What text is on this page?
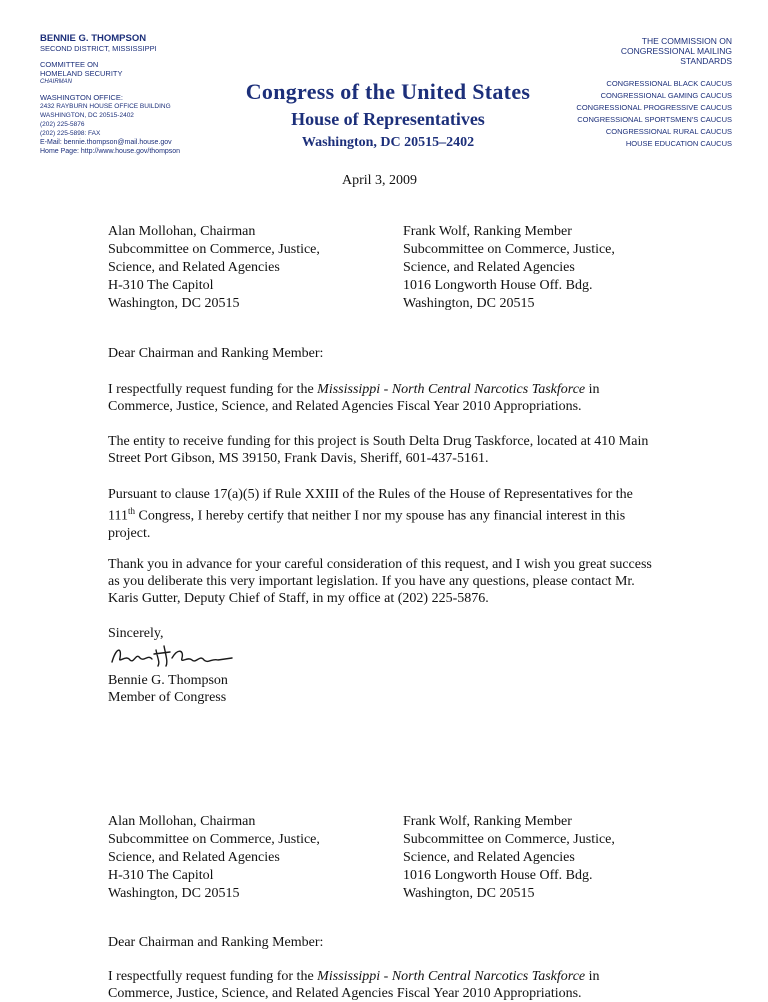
BENNIE G. THOMPSON
SECOND DISTRICT, MISSISSIPPI
COMMITTEE ON
HOMELAND SECURITY
CHAIRMAN
WASHINGTON OFFICE:
2432 RAYBURN HOUSE OFFICE BUILDING
WASHINGTON, DC 20515-2402
(202) 225-5876
(202) 225-5898: FAX
E-Mail: bennie.thompson@mail.house.gov
Home Page: http://www.house.gov/thompson
Congress of the United States
House of Representatives
Washington, DC 20515–2402
THE COMMISSION ON
CONGRESSIONAL MAILING
STANDARDS
CONGRESSIONAL BLACK CAUCUS
CONGRESSIONAL GAMING CAUCUS
CONGRESSIONAL PROGRESSIVE CAUCUS
CONGRESSIONAL SPORTSMEN'S CAUCUS
CONGRESSIONAL RURAL CAUCUS
HOUSE EDUCATION CAUCUS
April 3, 2009
Alan Mollohan, Chairman
Subcommittee on Commerce, Justice,
Science, and Related Agencies
H-310 The Capitol
Washington, DC 20515
Frank Wolf, Ranking Member
Subcommittee on Commerce, Justice,
Science, and Related Agencies
1016 Longworth House Off. Bdg.
Washington, DC 20515
Dear Chairman and Ranking Member:

I respectfully request funding for the Mississippi - North Central Narcotics Taskforce in Commerce, Justice, Science, and Related Agencies Fiscal Year 2010 Appropriations.

The entity to receive funding for this project is South Delta Drug Taskforce, located at 410 Main Street Port Gibson, MS 39150, Frank Davis, Sheriff, 601-437-5161.

Pursuant to clause 17(a)(5) if Rule XXIII of the Rules of the House of Representatives for the 111th Congress, I hereby certify that neither I nor my spouse has any financial interest in this project.

Thank you in advance for your careful consideration of this request, and I wish you great success as you deliberate this very important legislation. If you have any questions, please contact Mr. Karis Gutter, Deputy Chief of Staff, in my office at (202) 225-5876.

Sincerely,
Bennie G. Thompson
Member of Congress
Alan Mollohan, Chairman
Subcommittee on Commerce, Justice,
Science, and Related Agencies
H-310 The Capitol
Washington, DC 20515
Frank Wolf, Ranking Member
Subcommittee on Commerce, Justice,
Science, and Related Agencies
1016 Longworth House Off. Bdg.
Washington, DC 20515
Dear Chairman and Ranking Member:

I respectfully request funding for the Mississippi - North Central Narcotics Taskforce in Commerce, Justice, Science, and Related Agencies Fiscal Year 2010 Appropriations.
